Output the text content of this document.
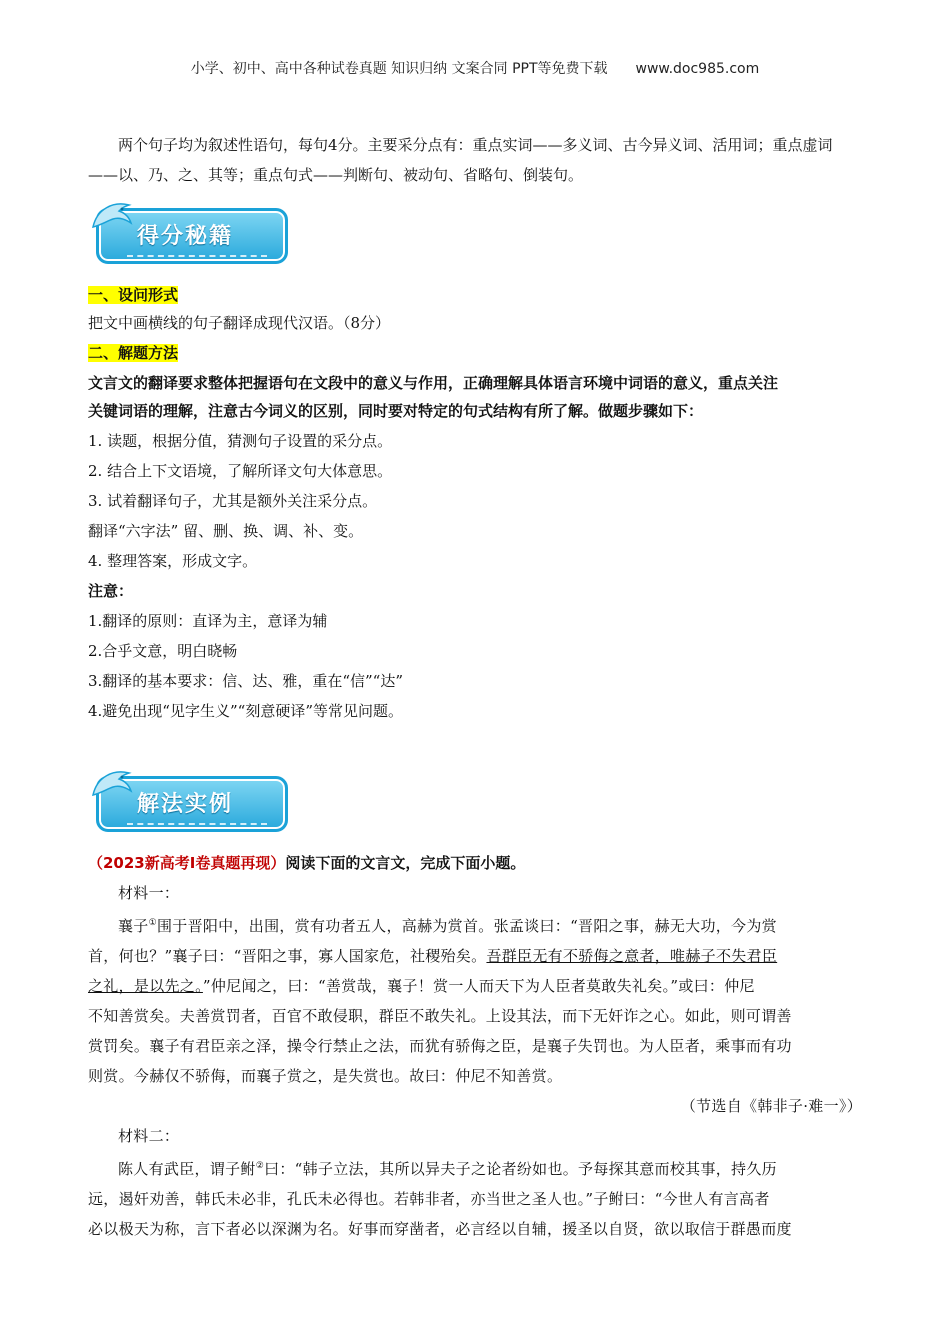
小学、初中、高中各种试卷真题 知识归纳 文案合同 PPT等免费下载 www.doc985.com

两个句子均为叙述性语句，每句4分。主要采分点有：重点实词——多义词、古今异义词、活用词；重点虚词——以、乃、之、其等；重点句式——判断句、被动句、省略句、倒装句。

得分秘籍
一、设问形式
把文中画横线的句子翻译成现代汉语。（8分）
二、解题方法
文言文的翻译要求整体把握语句在文段中的意义与作用，正确理解具体语言环境中词语的意义，重点关注
关键词语的理解，注意古今词义的区别，同时要对特定的句式结构有所了解。做题步骤如下：
1. 读题，根据分值，猜测句子设置的采分点。
2. 结合上下文语境，了解所译文句大体意思。
3. 试着翻译句子，尤其是额外关注采分点。
翻译“六字法” 留、删、换、调、补、变。
4. 整理答案，形成文字。
注意：
1.翻译的原则：直译为主，意译为辅
2.合乎文意，明白晓畅
3.翻译的基本要求：信、达、雅，重在“信”“达”
4.避免出现“见字生义”“刻意硬译”等常见问题。
解法实例
（2023新高考Ⅰ卷真题再现）阅读下面的文言文，完成下面小题。

材料一：

襄子①围于晋阳中，出围，赏有功者五人，高赫为赏首。张孟谈曰：“晋阳之事，赫无大功，今为赏

首，何也？”襄子曰：“晋阳之事，寡人国家危，社稷殆矣。吾群臣无有不骄侮之意者，唯赫子不失君臣

之礼，是以先之。”仲尼闻之，曰：“善赏哉，襄子！赏一人而天下为人臣者莫敢失礼矣。”或曰：仲尼

不知善赏矣。夫善赏罚者，百官不敢侵职，群臣不敢失礼。上设其法，而下无奸诈之心。如此，则可谓善

赏罚矣。襄子有君臣亲之泽，操令行禁止之法，而犹有骄侮之臣，是襄子失罚也。为人臣者，乘事而有功

则赏。今赫仅不骄侮，而襄子赏之，是失赏也。故曰：仲尼不知善赏。

（节选自《韩非子·难一》）

材料二：

陈人有武臣，谓子鲋②曰：“韩子立法，其所以异夫子之论者纷如也。予每探其意而校其事，持久历

远，遏奸劝善，韩氏未必非，孔氏未必得也。若韩非者，亦当世之圣人也。”子鲋曰：“今世人有言高者

必以极天为称，言下者必以深渊为名。好事而穿凿者，必言经以自辅，援圣以自贤，欲以取信于群愚而度
